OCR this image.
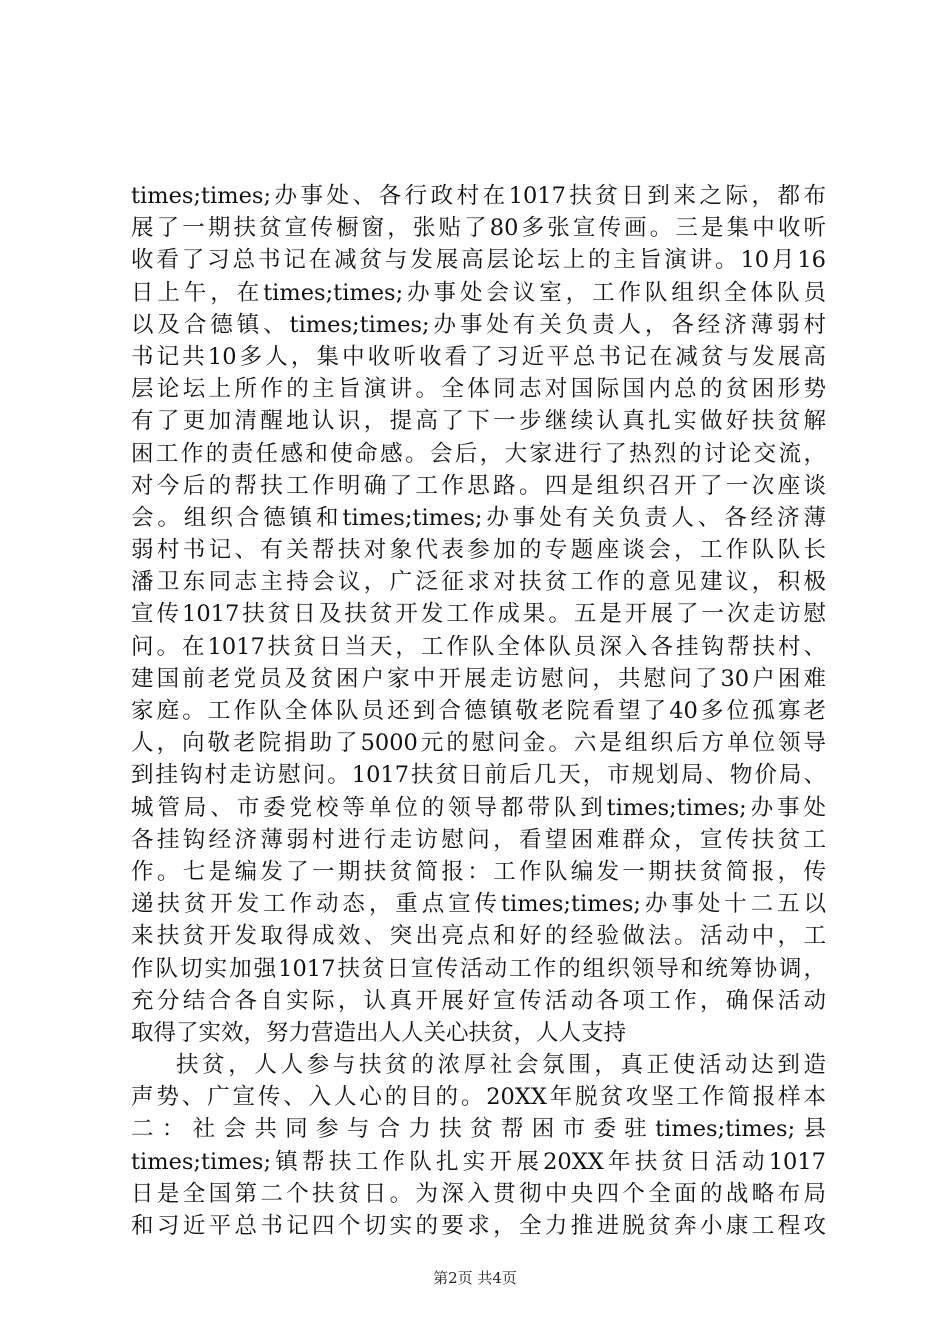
times;times;办事处、各行政村在1017扶贫日到来之际，都布
展了一期扶贫宣传橱窗，张贴了80多张宣传画。三是集中收听
收看了习总书记在减贫与发展高层论坛上的主旨演讲。10月16
日上午，在times;times;办事处会议室，工作队组织全体队员
以及合德镇、times;times;办事处有关负责人，各经济薄弱村
书记共10多人，集中收听收看了习近平总书记在减贫与发展高
层论坛上所作的主旨演讲。全体同志对国际国内总的贫困形势
有了更加清醒地认识，提高了下一步继续认真扎实做好扶贫解
困工作的责任感和使命感。会后，大家进行了热烈的讨论交流，
对今后的帮扶工作明确了工作思路。四是组织召开了一次座谈
会。组织合德镇和times;times;办事处有关负责人、各经济薄
弱村书记、有关帮扶对象代表参加的专题座谈会，工作队队长
潘卫东同志主持会议，广泛征求对扶贫工作的意见建议，积极
宣传1017扶贫日及扶贫开发工作成果。五是开展了一次走访慰
问。在1017扶贫日当天，工作队全体队员深入各挂钩帮扶村、
建国前老党员及贫困户家中开展走访慰问，共慰问了30户困难
家庭。工作队全体队员还到合德镇敬老院看望了40多位孤寡老
人，向敬老院捐助了5000元的慰问金。六是组织后方单位领导
到挂钩村走访慰问。1017扶贫日前后几天，市规划局、物价局、
城管局、市委党校等单位的领导都带队到times;times;办事处
各挂钩经济薄弱村进行走访慰问，看望困难群众，宣传扶贫工
作。七是编发了一期扶贫简报：工作队编发一期扶贫简报，传
递扶贫开发工作动态，重点宣传times;times;办事处十二五以
来扶贫开发取得成效、突出亮点和好的经验做法。活动中，工
作队切实加强1017扶贫日宣传活动工作的组织领导和统筹协调，
充分结合各自实际，认真开展好宣传活动各项工作，确保活动
取得了实效，努力营造出人人关心扶贫，人人支持
扶贫，人人参与扶贫的浓厚社会氛围，真正使活动达到造
声势、广宣传、入人心的目的。20XX年脱贫攻坚工作简报样本
二：社会共同参与合力扶贫帮困市委驻times;times;县
times;times;镇帮扶工作队扎实开展20XX年扶贫日活动1017
日是全国第二个扶贫日。为深入贯彻中央四个全面的战略布局
和习近平总书记四个切实的要求，全力推进脱贫奔小康工程攻
第2页 共4页
